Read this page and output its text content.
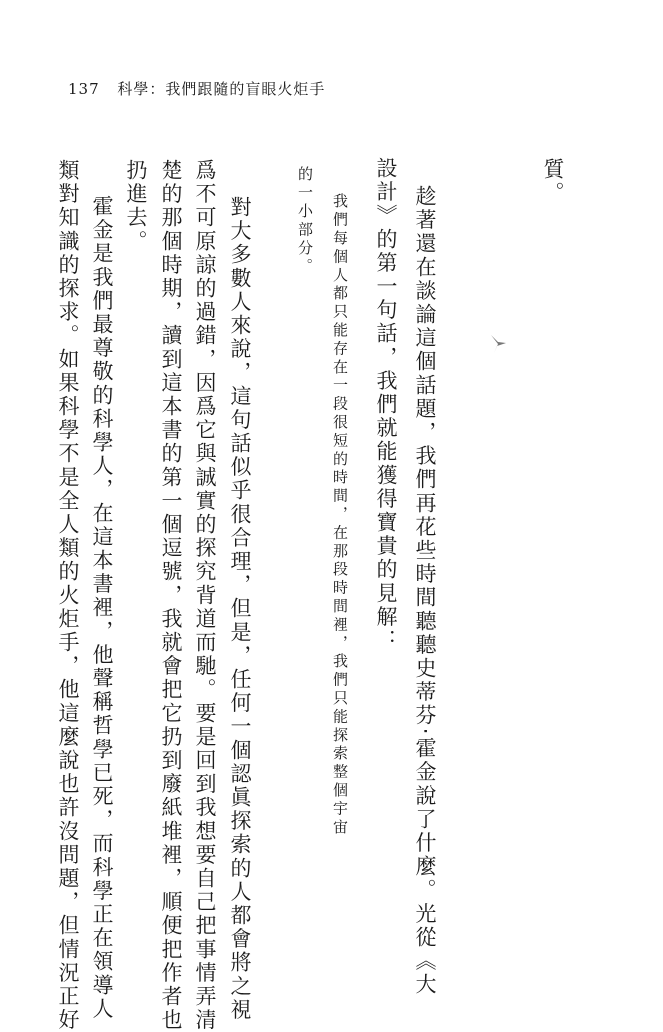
137 科學：我們跟隨的盲眼火炬手
質。
趁著還在談論這個話題，我們再花些時間聽聽史蒂芬‧霍金說了什麼。光從《大
設計》的第一句話，我們就能獲得寶貴的見解：
我們每個人都只能存在一段很短的時間，在那段時間裡，我們只能探索整個宇宙
的一小部分。
對大多數人來說，這句話似乎很合理，但是，任何一個認眞探索的人都會將之視
爲不可原諒的過錯，因爲它與誠實的探究背道而馳。要是回到我想要自己把事情弄清
楚的那個時期，讀到這本書的第一個逗號，我就會把它扔到廢紙堆裡，順便把作者也
扔進去。
霍金是我們最尊敬的科學人，在這本書裡，他聲稱哲學已死，而科學正在領導人
類對知識的探求。如果科學不是全人類的火炬手，他這麼說也許沒問題，但情況正好
